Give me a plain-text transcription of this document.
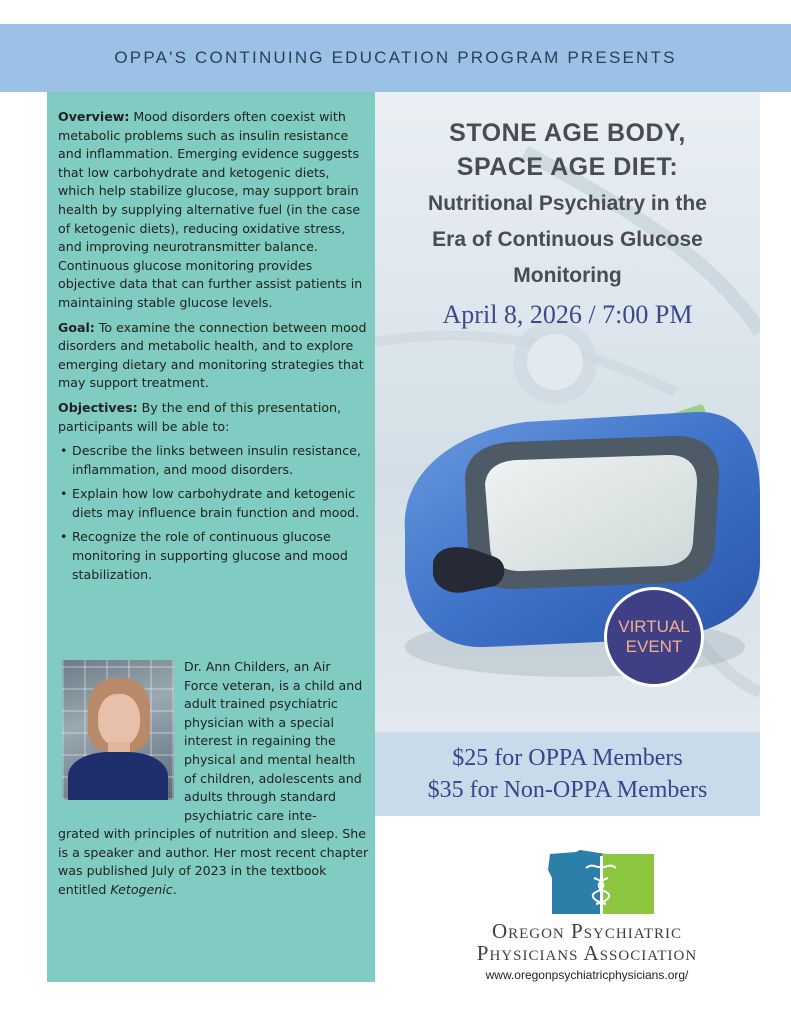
OPPA'S CONTINUING EDUCATION PROGRAM PRESENTS

Overview: Mood disorders often coexist with metabolic problems such as insulin resistance and inflammation. Emerging evidence suggests that low carbohydrate and ketogenic diets, which help stabilize glucose, may support brain health by supplying alternative fuel (in the case of ketogenic diets), reducing oxidative stress, and improving neurotransmitter balance. Continuous glucose monitoring provides objective data that can further assist patients in maintaining stable glucose levels.

Goal: To examine the connection between mood disorders and metabolic health, and to explore emerging dietary and monitoring strategies that may support treatment.

Objectives: By the end of this presentation, participants will be able to:

• Describe the links between insulin resistance, inflammation, and mood disorders.
• Explain how low carbohydrate and ketogenic diets may influence brain function and mood.
• Recognize the role of continuous glucose monitoring in supporting glucose and mood stabilization.
Dr. Ann Childers, an Air Force veteran, is a child and adult trained psychiatric physician with a special interest in regaining the physical and mental health of children, adolescents and adults through standard psychiatric care inte-
grated with principles of nutrition and sleep. She is a speaker and author. Her most recent chapter was published July of 2023 in the textbook entitled Ketogenic.
STONE AGE BODY,
SPACE AGE DIET:
Nutritional Psychiatry in the
Era of Continuous Glucose
Monitoring
April 8, 2026 / 7:00 PM
VIRTUAL
EVENT
$25 for OPPA Members
$35 for Non-OPPA Members
Oregon Psychiatric
Physicians Association
www.oregonpsychiatricphysicians.org/
